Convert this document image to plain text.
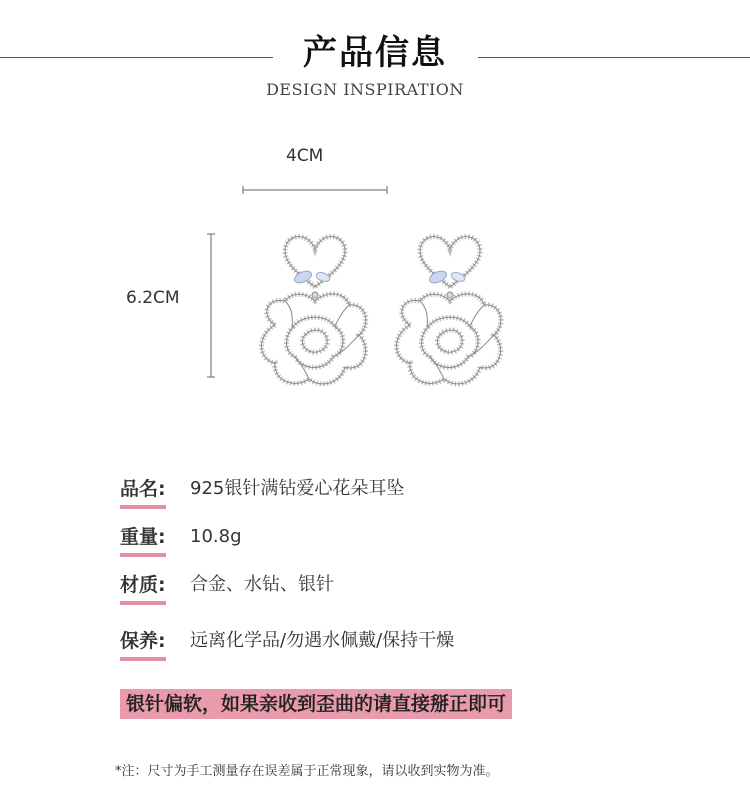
产品信息
DESIGN INSPIRATION
4CM
6.2CM
品名: 925银针满钻爱心花朵耳坠
重量: 10.8g
材质: 合金、水钻、银针
保养: 远离化学品/勿遇水佩戴/保持干燥
银针偏软，如果亲收到歪曲的请直接掰正即可
*注：尺寸为手工测量存在误差属于正常现象，请以收到实物为准。
